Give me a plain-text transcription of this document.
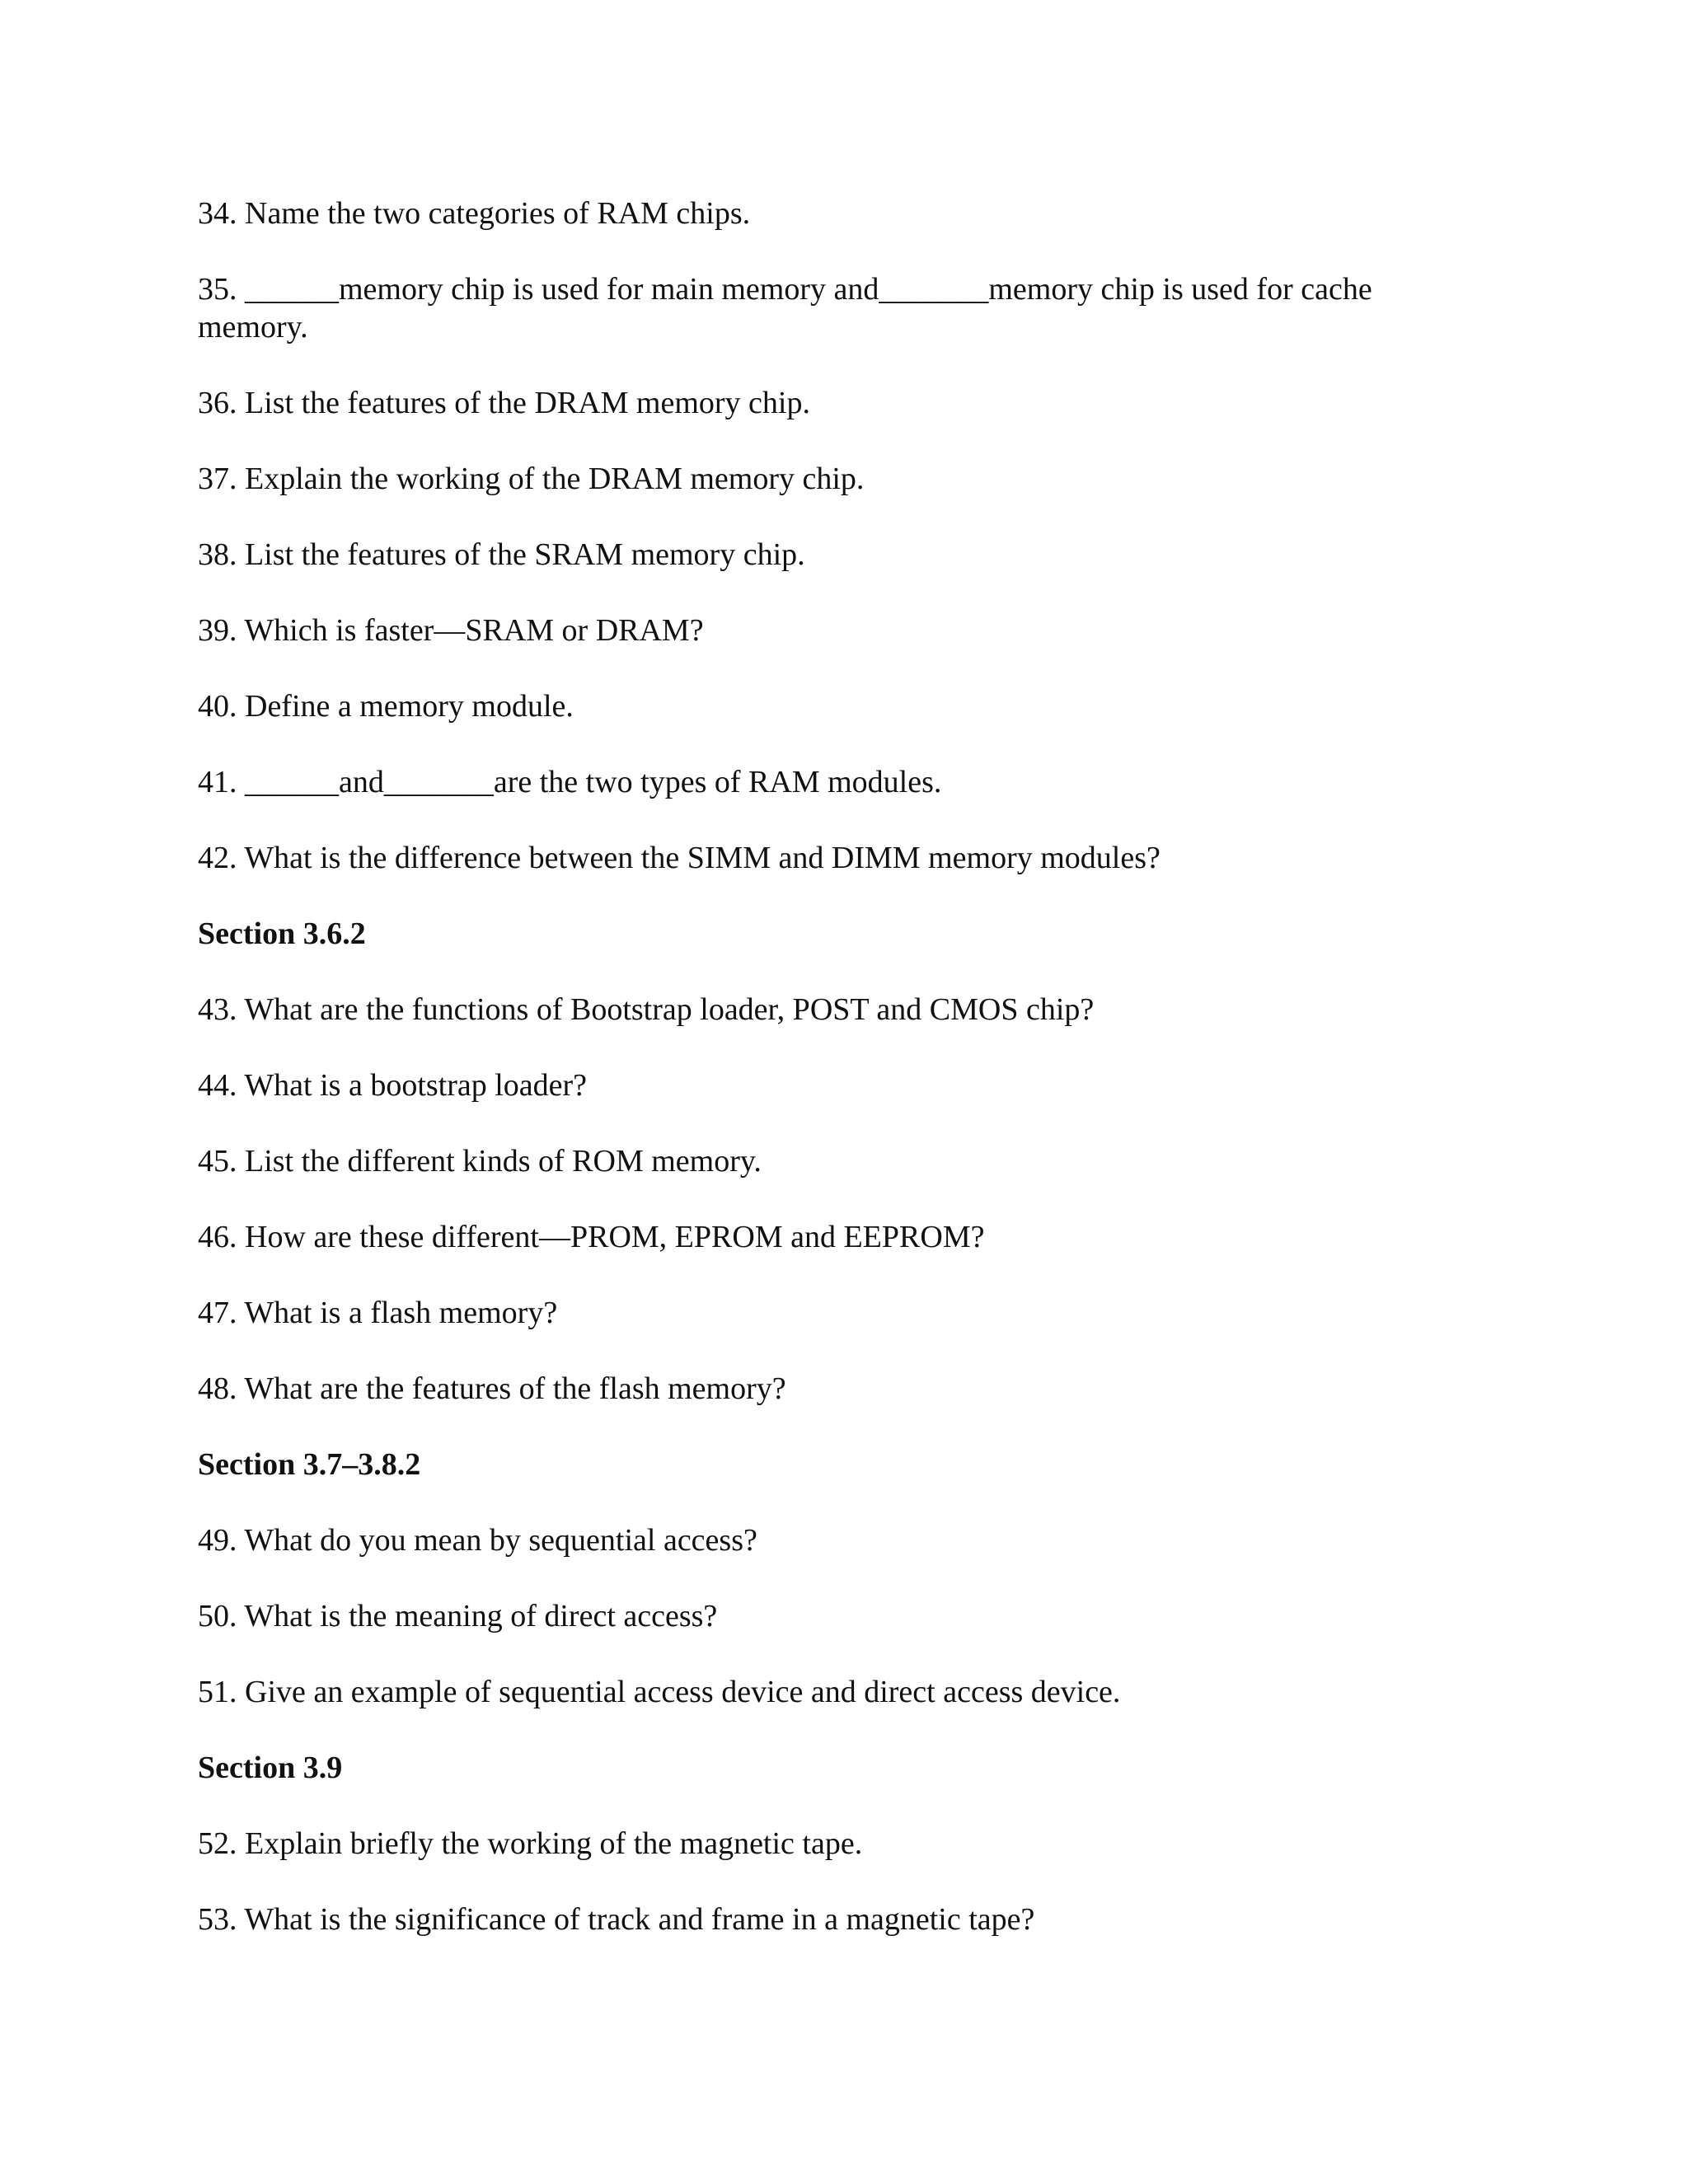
34. Name the two categories of RAM chips.
35. ______memory chip is used for main memory and_______memory chip is used for cache
memory.
36. List the features of the DRAM memory chip.
37. Explain the working of the DRAM memory chip.
38. List the features of the SRAM memory chip.
39. Which is faster—SRAM or DRAM?
40. Define a memory module.
41. ______and_______are the two types of RAM modules.
42. What is the difference between the SIMM and DIMM memory modules?
Section 3.6.2
43. What are the functions of Bootstrap loader, POST and CMOS chip?
44. What is a bootstrap loader?
45. List the different kinds of ROM memory.
46. How are these different—PROM, EPROM and EEPROM?
47. What is a flash memory?
48. What are the features of the flash memory?
Section 3.7–3.8.2
49. What do you mean by sequential access?
50. What is the meaning of direct access?
51. Give an example of sequential access device and direct access device.
Section 3.9
52. Explain briefly the working of the magnetic tape.
53. What is the significance of track and frame in a magnetic tape?
